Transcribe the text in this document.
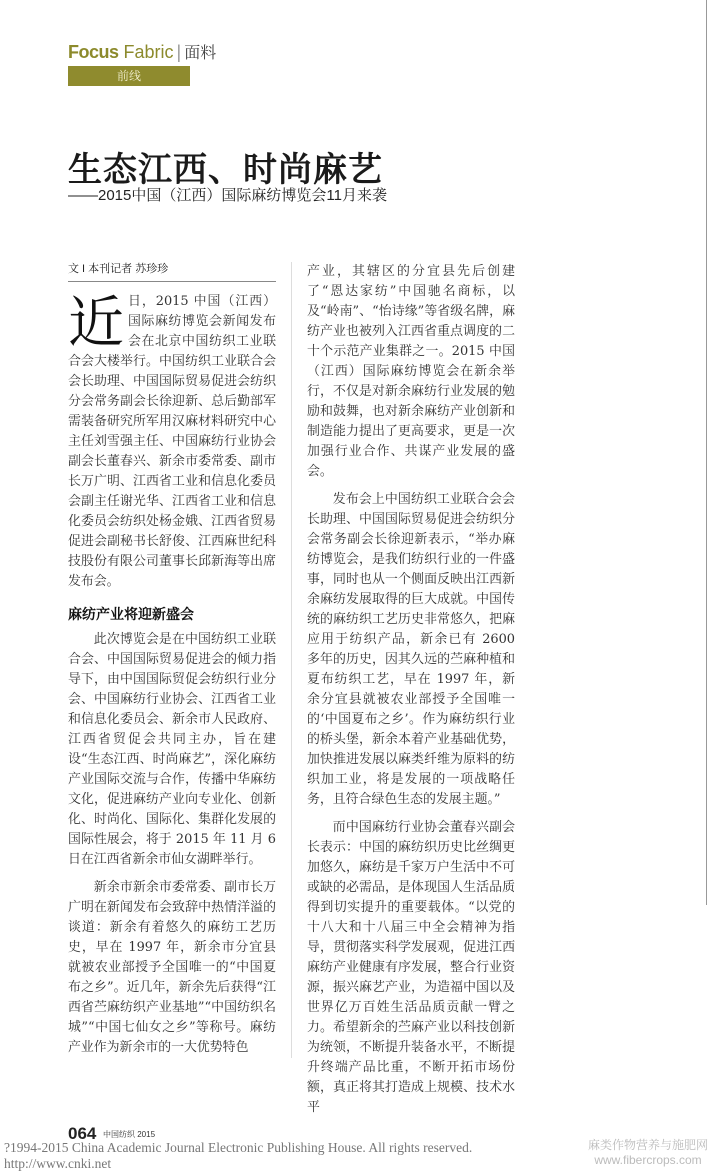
Focus Fabric | 面料
前线
生态江西、时尚麻艺
——2015中国（江西）国际麻纺博览会11月来袭
文 I 本刊记者 苏珍珍

近日，2015 中国（江西）国际麻纺博览会新闻发布会在北京中国纺织工业联合会大楼举行。中国纺织工业联合会会长助理、中国国际贸易促进会纺织分会常务副会长徐迎新、总后勤部军需装备研究所军用汉麻材料研究中心主任刘雪强主任、中国麻纺行业协会副会长董春兴、新余市委常委、副市长万广明、江西省工业和信息化委员会副主任谢光华、江西省工业和信息化委员会纺织处杨金娥、江西省贸易促进会副秘书长舒俊、江西麻世纪科技股份有限公司董事长邱新海等出席发布会。

麻纺产业将迎新盛会

此次博览会是在中国纺织工业联合会、中国国际贸易促进会的倾力指导下，由中国国际贸促会纺织行业分会、中国麻纺行业协会、江西省工业和信息化委员会、新余市人民政府、江西省贸促会共同主办，旨在建设“生态江西、时尚麻艺”，深化麻纺产业国际交流与合作，传播中华麻纺文化，促进麻纺产业向专业化、创新化、时尚化、国际化、集群化发展的国际性展会，将于 2015 年 11 月 6 日在江西省新余市仙女湖畔举行。

新余市新余市委常委、副市长万广明在新闻发布会致辞中热情洋溢的谈道：新余有着悠久的麻纺工艺历史，早在 1997 年，新余市分宜县就被农业部授予全国唯一的“中国夏布之乡”。近几年，新余先后获得“江西省苎麻纺织产业基地”“中国纺织名城”“中国七仙女之乡”等称号。麻纺产业作为新余市的一大优势特色

产业，其辖区的分宜县先后创建了“恩达家纺”中国驰名商标，以及“岭南”、“怡诗缘”等省级名牌，麻纺产业也被列入江西省重点调度的二十个示范产业集群之一。2015 中国（江西）国际麻纺博览会在新余举行，不仅是对新余麻纺行业发展的勉励和鼓舞，也对新余麻纺产业创新和制造能力提出了更高要求，更是一次加强行业合作、共谋产业发展的盛会。

发布会上中国纺织工业联合会会长助理、中国国际贸易促进会纺织分会常务副会长徐迎新表示，“举办麻纺博览会，是我们纺织行业的一件盛事，同时也从一个侧面反映出江西新余麻纺发展取得的巨大成就。中国传统的麻纺织工艺历史非常悠久，把麻应用于纺织产品，新余已有 2600 多年的历史，因其久远的苎麻种植和夏布纺织工艺，早在 1997 年，新余分宜县就被农业部授予全国唯一的‘中国夏布之乡’。作为麻纺织行业的桥头堡，新余本着产业基础优势，加快推进发展以麻类纤维为原料的纺织加工业，将是发展的一项战略任务，且符合绿色生态的发展主题。”

而中国麻纺行业协会董春兴副会长表示：中国的麻纺织历史比丝绸更加悠久，麻纺是千家万户生活中不可或缺的必需品，是体现国人生活品质得到切实提升的重要载体。“以党的十八大和十八届三中全会精神为指导，贯彻落实科学发展观，促进江西麻纺产业健康有序发展，整合行业资源，振兴麻艺产业，为造福中国以及世界亿万百姓生活品质贡献一臂之力。希望新余的苎麻产业以科技创新为统领，不断提升装备水平，不断提升终端产品比重，不断开拓市场份额，真正将其打造成上规模、技术水平

064 中国纺织 2015
?1994-2015 China Academic Journal Electronic Publishing House. All rights reserved. http://www.cnki.net
麻类作物营养与施肥网
www.fibercrops.com
